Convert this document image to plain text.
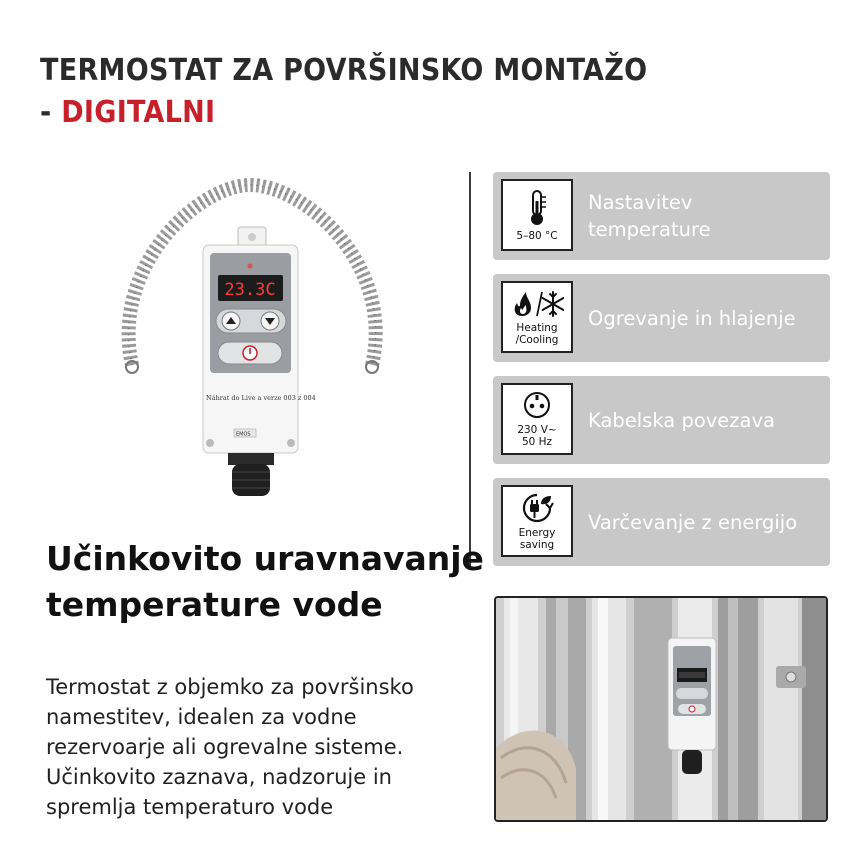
TERMOSTAT ZA POVRŠINSKO MONTAŽO
- DIGITALNI
23.3C
Náhrat do Live a verze 003 z 004
EMOS
Učinkovito uravnavanje
temperature vode
Termostat z objemko za površinsko
namestitev, idealen za vodne
rezervoarje ali ogrevalne sisteme.
Učinkovito zaznava, nadzoruje in
spremlja temperaturo vode
5–80 °C
Nastavitev
temperature
Heating
/Cooling
Ogrevanje in hlajenje
230 V~
50 Hz
Kabelska povezava
Energy
saving
Varčevanje z energijo
